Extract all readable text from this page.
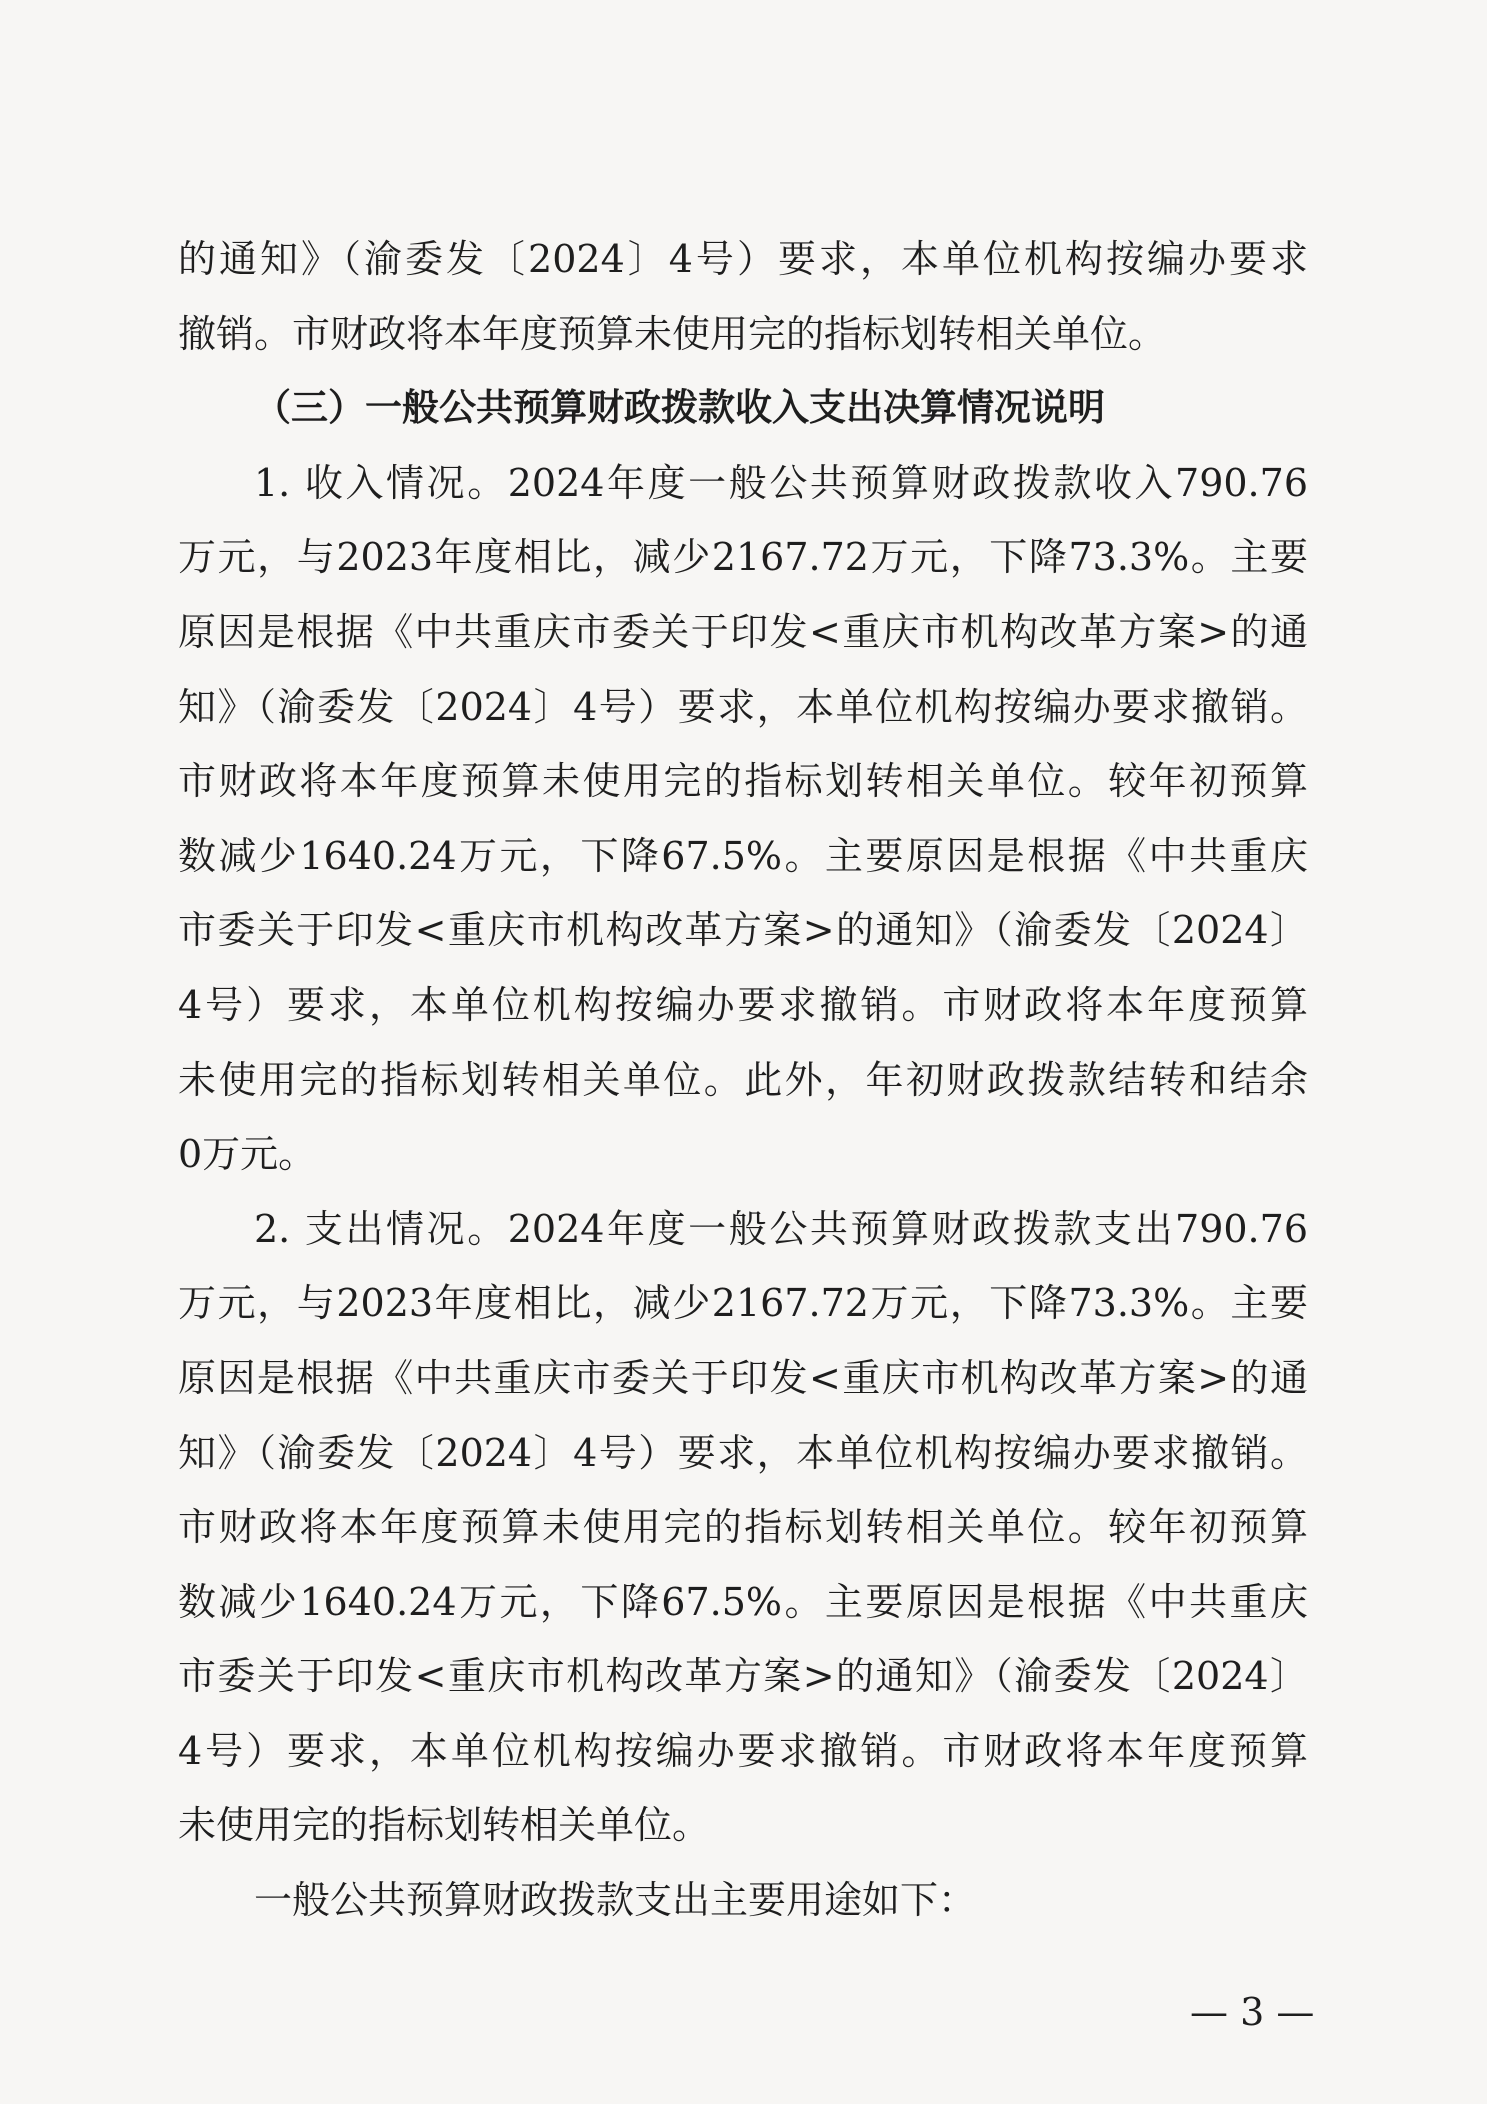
的通知》（渝委发〔2024〕4号）要求，本单位机构按编办要求
撤销。市财政将本年度预算未使用完的指标划转相关单位。
（三）一般公共预算财政拨款收入支出决算情况说明
1. 收入情况。2024年度一般公共预算财政拨款收入790.76
万元，与2023年度相比，减少2167.72万元，下降73.3%。主要
原因是根据《中共重庆市委关于印发<重庆市机构改革方案>的通
知》（渝委发〔2024〕4号）要求，本单位机构按编办要求撤销。
市财政将本年度预算未使用完的指标划转相关单位。较年初预算
数减少1640.24万元，下降67.5%。主要原因是根据《中共重庆
市委关于印发<重庆市机构改革方案>的通知》（渝委发〔2024〕
4号）要求，本单位机构按编办要求撤销。市财政将本年度预算
未使用完的指标划转相关单位。此外，年初财政拨款结转和结余
0万元。
2. 支出情况。2024年度一般公共预算财政拨款支出790.76
万元，与2023年度相比，减少2167.72万元，下降73.3%。主要
原因是根据《中共重庆市委关于印发<重庆市机构改革方案>的通
知》（渝委发〔2024〕4号）要求，本单位机构按编办要求撤销。
市财政将本年度预算未使用完的指标划转相关单位。较年初预算
数减少1640.24万元，下降67.5%。主要原因是根据《中共重庆
市委关于印发<重庆市机构改革方案>的通知》（渝委发〔2024〕
4号）要求，本单位机构按编办要求撤销。市财政将本年度预算
未使用完的指标划转相关单位。
一般公共预算财政拨款支出主要用途如下：
— 3 —
